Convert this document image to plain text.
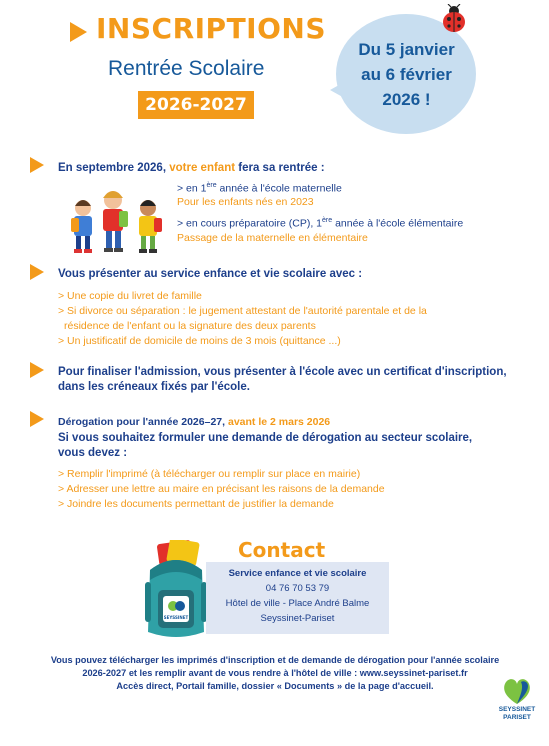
INSCRIPTIONS
Rentrée Scolaire
2026-2027
Du 5 janvier
au 6 février
2026 !
En septembre 2026, votre enfant fera sa rentrée :
> en 1ère année à l'école maternelle
Pour les enfants nés en 2023
> en cours préparatoire (CP), 1ère année à l'école élémentaire
Passage de la maternelle en élémentaire
Vous présenter au service enfance et vie scolaire avec :
> Une copie du livret de famille
> Si divorce ou séparation : le jugement attestant de l'autorité parentale et de la
résidence de l'enfant ou la signature des deux parents
> Un justificatif de domicile de moins de 3 mois (quittance ...)
Pour finaliser l'admission, vous présenter à l'école avec un certificat d'inscription,
dans les créneaux fixés par l'école.
Dérogation pour l'année 2026–27, avant le 2 mars 2026
Si vous souhaitez formuler une demande de dérogation au secteur scolaire,
vous devez :
> Remplir l'imprimé (à télécharger ou remplir sur place en mairie)
> Adresser une lettre au maire en précisant les raisons de la demande
> Joindre les documents permettant de justifier la demande
SEYSSINET
Contact
Service enfance et vie scolaire
04 76 70 53 79
Hôtel de ville - Place André Balme
Seyssinet-Pariset
Vous pouvez télécharger les imprimés d'inscription et de demande de dérogation pour l'année scolaire
2026-2027 et les remplir avant de vous rendre à l'hôtel de ville : www.seyssinet-pariset.fr
Accès direct, Portail famille, dossier « Documents » de la page d'accueil.
SEYSSINET
PARISET
